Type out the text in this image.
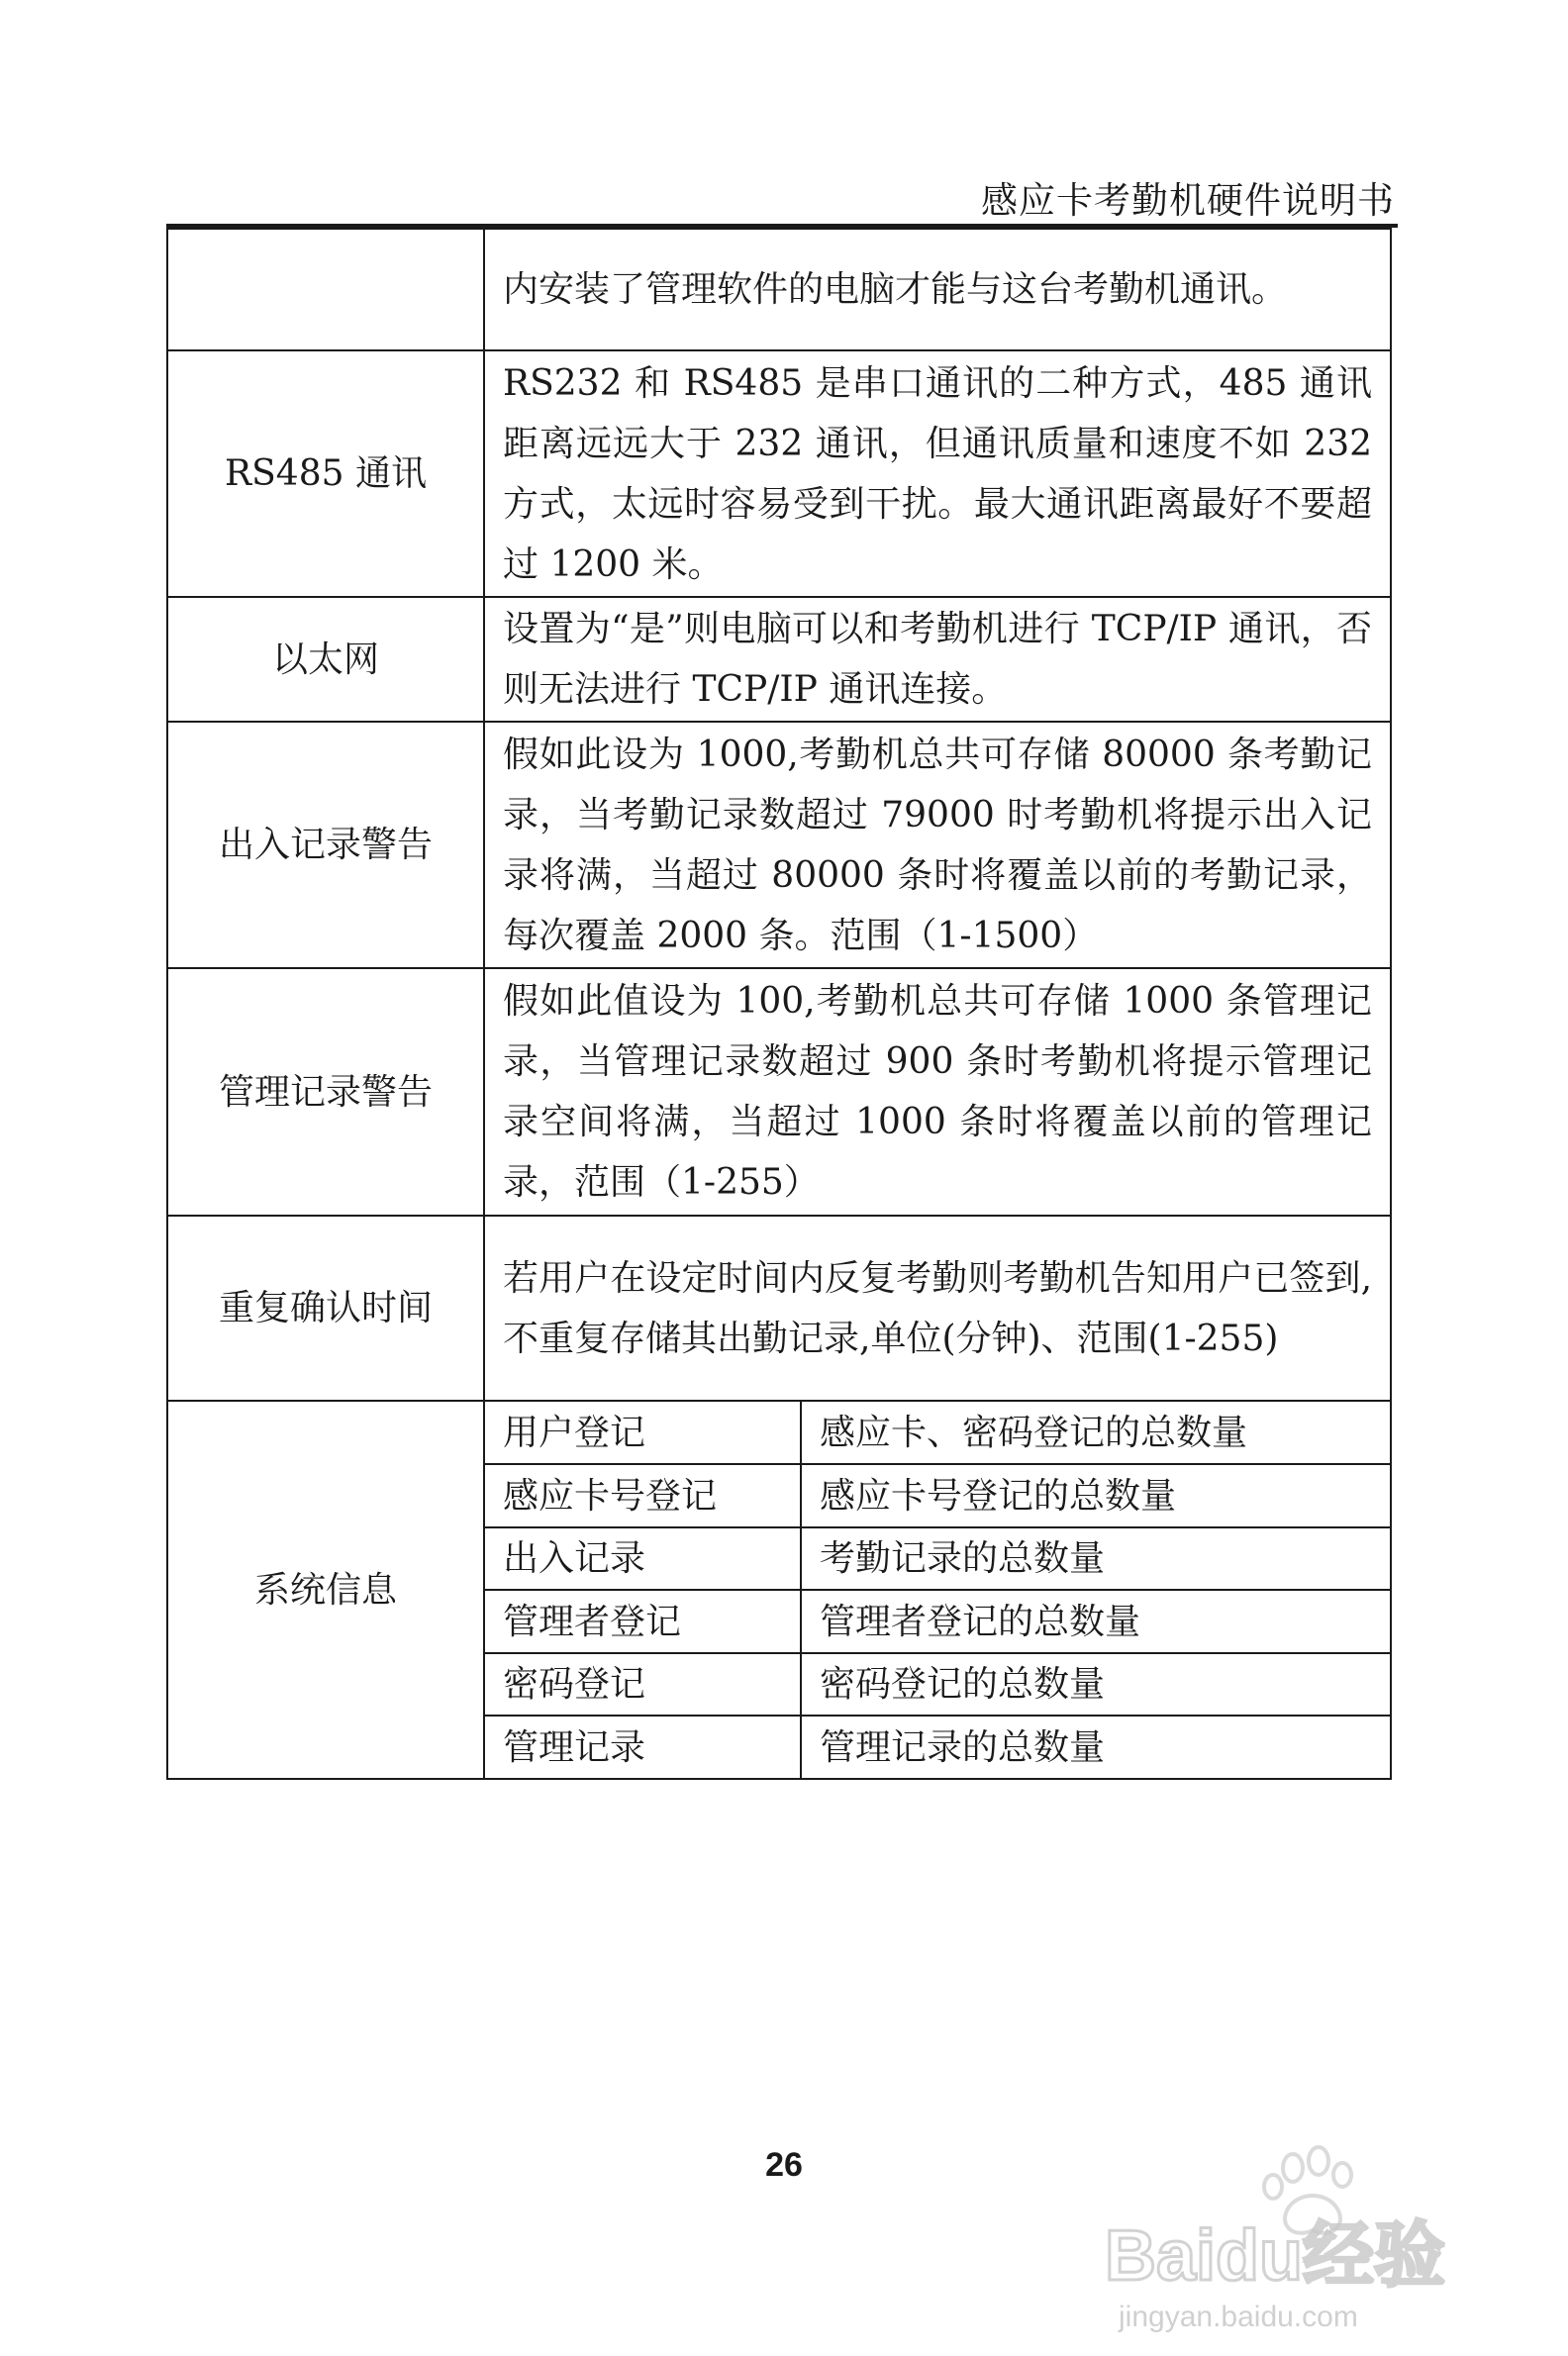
感应卡考勤机硬件说明书
	内安装了管理软件的电脑才能与这台考勤机通讯。	
RS485 通讯	RS232 和 RS485 是串口通讯的二种方式，485 通讯距离远远大于 232 通讯，但通讯质量和速度不如 232 方式，太远时容易受到干扰。最大通讯距离最好不要超过 1200 米。	
以太网	设置为“是”则电脑可以和考勤机进行 TCP/IP 通讯，否则无法进行 TCP/IP 通讯连接。	
出入记录警告	假如此设为 1000,考勤机总共可存储 80000 条考勤记录，当考勤记录数超过 79000 时考勤机将提示出入记录将满，当超过 80000 条时将覆盖以前的考勤记录，每次覆盖 2000 条。范围（1-1500）	
管理记录警告	假如此值设为 100,考勤机总共可存储 1000 条管理记录，当管理记录数超过 900 条时考勤机将提示管理记录空间将满，当超过 1000 条时将覆盖以前的管理记录，范围（1-255）	
重复确认时间	若用户在设定时间内反复考勤则考勤机告知用户已签到,不重复存储其出勤记录,单位(分钟)、范围(1-255)	
系统信息	用户登记	感应卡、密码登记的总数量
	感应卡号登记	感应卡号登记的总数量
	出入记录	考勤记录的总数量
	管理者登记	管理者登记的总数量
	密码登记	密码登记的总数量
	管理记录	管理记录的总数量
26
Baidu经验
jingyan.baidu.com
